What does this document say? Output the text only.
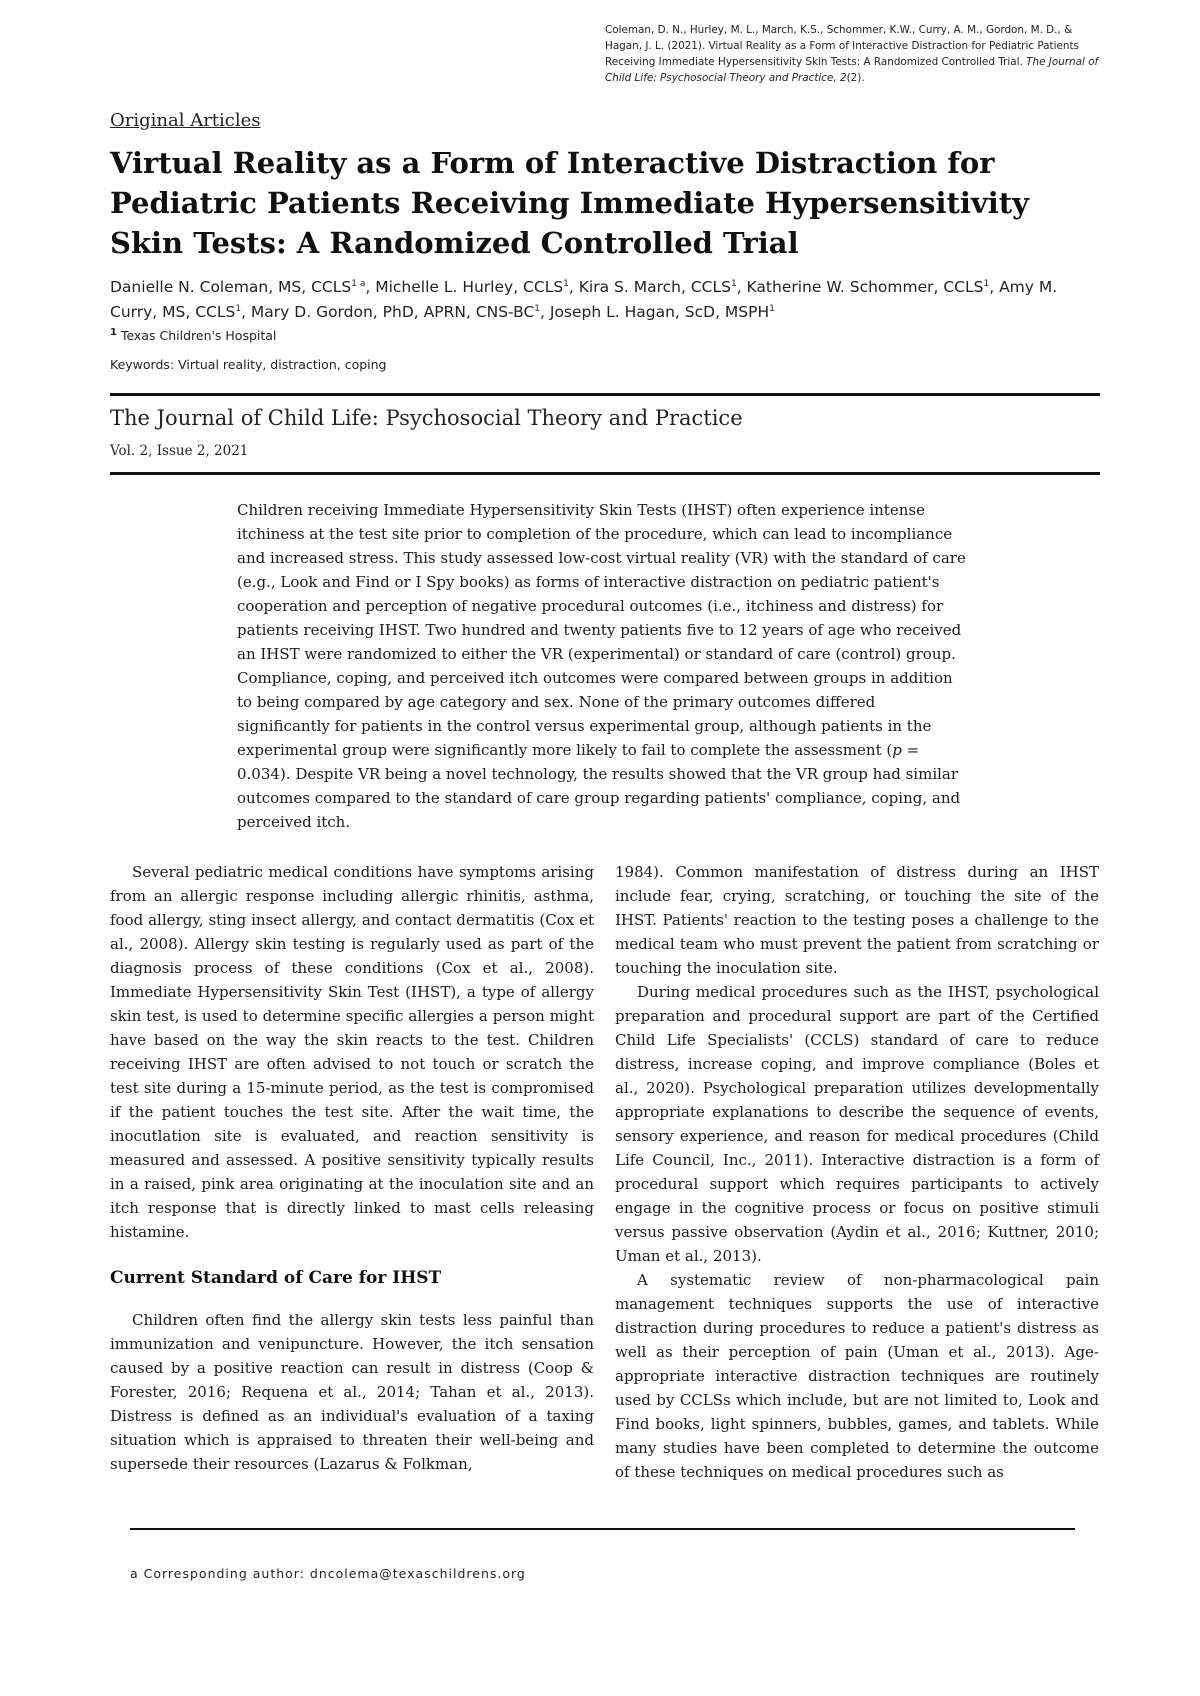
Coleman, D. N., Hurley, M. L., March, K.S., Schommer, K.W., Curry, A. M., Gordon, M. D., & Hagan, J. L. (2021). Virtual Reality as a Form of Interactive Distraction for Pediatric Patients Receiving Immediate Hypersensitivity Skin Tests: A Randomized Controlled Trial. The Journal of Child Life: Psychosocial Theory and Practice, 2(2).
Original Articles
Virtual Reality as a Form of Interactive Distraction for Pediatric Patients Receiving Immediate Hypersensitivity Skin Tests: A Randomized Controlled Trial
Danielle N. Coleman, MS, $CCLS^{1 a}$, Michelle L. Hurley, CCLS$^1$, Kira S. March, CCLS$^1$, Katherine W. Schommer, CCLS$^1$, Amy M. Curry, MS, CCLS$^1$, Mary D. Gordon, PhD, APRN, CNS-$BC^1$, Joseph L. Hagan, ScD, MSPH$^1$
$^1$ Texas Children's Hospital
Keywords: Virtual reality, distraction, coping
The Journal of Child Life: Psychosocial Theory and Practice
Vol. 2, Issue 2, 2021

Children receiving Immediate Hypersensitivity Skin Tests (IHST) often experience intense itchiness at the test site prior to completion of the procedure, which can lead to incompliance and increased stress. This study assessed low-cost virtual reality (VR) with the standard of care (e.g., Look and Find or I Spy books) as forms of interactive distraction on pediatric patient's cooperation and perception of negative procedural outcomes (i.e., itchiness and distress) for patients receiving IHST. Two hundred and twenty patients five to 12 years of age who received an IHST were randomized to either the VR (experimental) or standard of care (control) group. Compliance, coping, and perceived itch outcomes were compared between groups in addition to being compared by age category and sex. None of the primary outcomes differed significantly for patients in the control versus experimental group, although patients in the experimental group were significantly more likely to fail to complete the assessment (p = 0.034). Despite VR being a novel technology, the results showed that the VR group had similar outcomes compared to the standard of care group regarding patients' compliance, coping, and perceived itch.

Several pediatric medical conditions have symptoms arising from an allergic response including allergic rhinitis, asthma, food allergy, sting insect allergy, and contact dermatitis (Cox et al., 2008). Allergy skin testing is regularly used as part of the diagnosis process of these conditions (Cox et al., 2008). Immediate Hypersensitivity Skin Test (IHST), a type of allergy skin test, is used to determine specific allergies a person might have based on the way the skin reacts to the test. Children receiving IHST are often advised to not touch or scratch the test site during a 15-minute period, as the test is compromised if the patient touches the test site. After the wait time, the inocutlation site is evaluated, and reaction sensitivity is measured and assessed. A positive sensitivity typically results in a raised, pink area originating at the inoculation site and an itch response that is directly linked to mast cells releasing histamine.

Current Standard of Care for IHST

Children often find the allergy skin tests less painful than immunization and venipuncture. However, the itch sensation caused by a positive reaction can result in distress (Coop & Forester, 2016; Requena et al., 2014; Tahan et al., 2013). Distress is defined as an individual's evaluation of a taxing situation which is appraised to threaten their well-being and supersede their resources (Lazarus & Folkman,

1984). Common manifestation of distress during an IHST include fear, crying, scratching, or touching the site of the IHST. Patients' reaction to the testing poses a challenge to the medical team who must prevent the patient from scratching or touching the inoculation site.

During medical procedures such as the IHST, psychological preparation and procedural support are part of the Certified Child Life Specialists' (CCLS) standard of care to reduce distress, increase coping, and improve compliance (Boles et al., 2020). Psychological preparation utilizes developmentally appropriate explanations to describe the sequence of events, sensory experience, and reason for medical procedures (Child Life Council, Inc., 2011). Interactive distraction is a form of procedural support which requires participants to actively engage in the cognitive process or focus on positive stimuli versus passive observation (Aydin et al., 2016; Kuttner, 2010; Uman et al., 2013).

A systematic review of non-pharmacological pain management techniques supports the use of interactive distraction during procedures to reduce a patient's distress as well as their perception of pain (Uman et al., 2013). Age-appropriate interactive distraction techniques are routinely used by CCLSs which include, but are not limited to, Look and Find books, light spinners, bubbles, games, and tablets. While many studies have been completed to determine the outcome of these techniques on medical procedures such as

a Corresponding author: dncolema@texaschildrens.org
